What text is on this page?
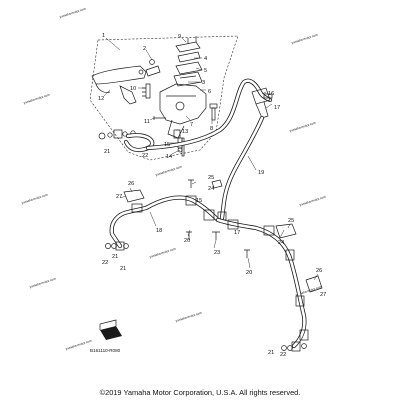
yamaha-motor.com
yamaha-motor.com
yamaha-motor.com
yamaha-motor.com
yamaha-motor.com
yamaha-motor.com	yamaha-motor.com
yamaha-motor.com
yamaha-motor.com
yamaha-motor.com
yamaha-motor.com
yamaha-motor.com
1
2
3
4
5
6
7
8
9
10
11
12
13
14
15
16
17
18
19
20
20
21
21
21
22
22
22
23
24
24
25
25
26
26
27
27
21
15
17
B161110-R080
©2019 Yamaha Motor Corporation, U.S.A. All rights reserved.
